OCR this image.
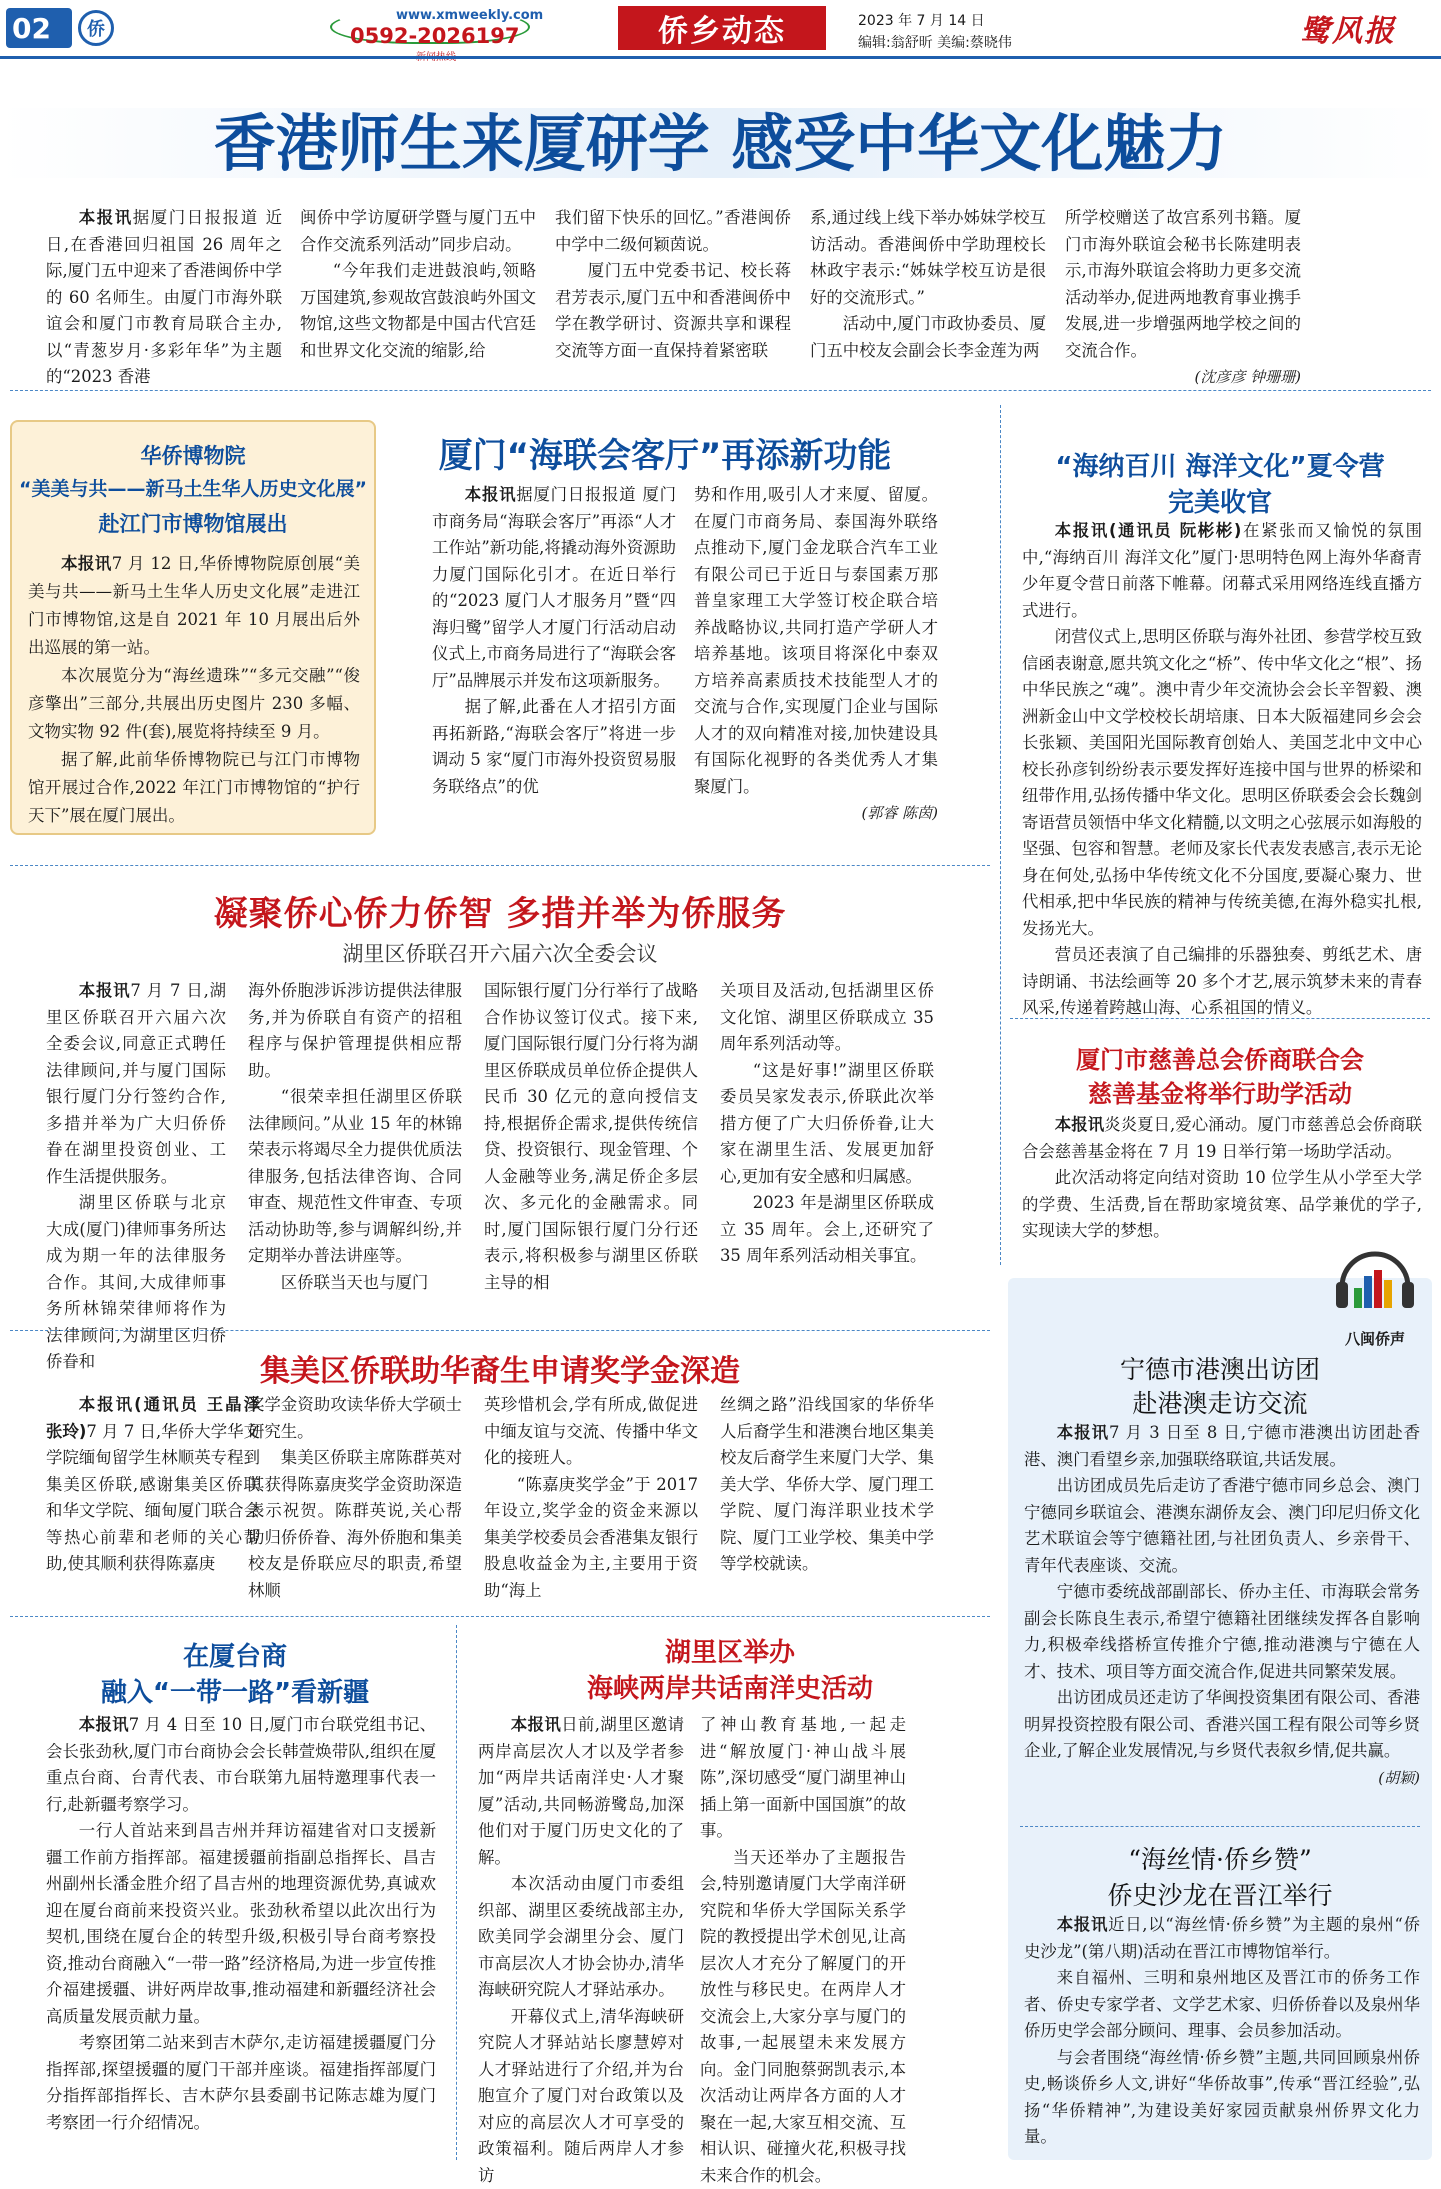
02 侨
www.xmweekly.com
0592-2026197	侨乡动态	2023 年 7 月 14 日
编辑:翁舒昕 美编:蔡晓伟	鹭风报
香港师生来厦研学 感受中华文化魅力

本报讯据厦门日报报道 近日,在香港回归祖国 26 周年之际,厦门五中迎来了香港闽侨中学的 60 名师生。由厦门市海外联谊会和厦门市教育局联合主办,以“青葱岁月·多彩年华”为主题的“2023 香港

闽侨中学访厦研学暨与厦门五中合作交流系列活动”同步启动。

“今年我们走进鼓浪屿,领略万国建筑,参观故宫鼓浪屿外国文物馆,这些文物都是中国古代宫廷和世界文化交流的缩影,给

我们留下快乐的回忆。”香港闽侨中学中二级何颖茵说。

厦门五中党委书记、校长蒋君芳表示,厦门五中和香港闽侨中学在教学研讨、资源共享和课程交流等方面一直保持着紧密联

系,通过线上线下举办姊妹学校互访活动。香港闽侨中学助理校长林政宇表示:“姊妹学校互访是很好的交流形式。”

活动中,厦门市政协委员、厦门五中校友会副会长李金莲为两

所学校赠送了故宫系列书籍。厦门市海外联谊会秘书长陈建明表示,市海外联谊会将助力更多交流活动举办,促进两地教育事业携手发展,进一步增强两地学校之间的交流合作。

(沈彦彦 钟珊珊)
华侨博物院
“美美与共——新马土生华人历史文化展”
赴江门市博物馆展出

本报讯7 月 12 日,华侨博物院原创展“美美与共——新马土生华人历史文化展”走进江门市博物馆,这是自 2021 年 10 月展出后外出巡展的第一站。

本次展览分为“海丝遗珠”“多元交融”“俊彦擎出”三部分,共展出历史图片 230 多幅、文物实物 92 件(套),展览将持续至 9 月。

据了解,此前华侨博物院已与江门市博物馆开展过合作,2022 年江门市博物馆的“护行天下”展在厦门展出。

厦门“海联会客厅”再添新功能

本报讯据厦门日报报道 厦门市商务局“海联会客厅”再添“人才工作站”新功能,将撬动海外资源助力厦门国际化引才。在近日举行的“2023 厦门人才服务月”暨“四海归鹭”留学人才厦门行活动启动仪式上,市商务局进行了“海联会客厅”品牌展示并发布这项新服务。

据了解,此番在人才招引方面再拓新路,“海联会客厅”将进一步调动 5 家“厦门市海外投资贸易服务联络点”的优

势和作用,吸引人才来厦、留厦。在厦门市商务局、泰国海外联络点推动下,厦门金龙联合汽车工业有限公司已于近日与泰国素万那普皇家理工大学签订校企联合培养战略协议,共同打造产学研人才培养基地。该项目将深化中泰双方培养高素质技术技能型人才的交流与合作,实现厦门企业与国际人才的双向精准对接,加快建设具有国际化视野的各类优秀人才集聚厦门。

(郭睿 陈茵)
“海纳百川 海洋文化”夏令营
完美收官

本报讯(通讯员 阮彬彬)在紧张而又愉悦的氛围中,“海纳百川 海洋文化”厦门·思明特色网上海外华裔青少年夏令营日前落下帷幕。闭幕式采用网络连线直播方式进行。

闭营仪式上,思明区侨联与海外社团、参营学校互致信函表谢意,愿共筑文化之“桥”、传中华文化之“根”、扬中华民族之“魂”。澳中青少年交流协会会长辛智毅、澳洲新金山中文学校校长胡培康、日本大阪福建同乡会会长张颖、美国阳光国际教育创始人、美国芝北中文中心校长孙彦钊纷纷表示要发挥好连接中国与世界的桥梁和纽带作用,弘扬传播中华文化。思明区侨联委会会长魏剑寄语营员领悟中华文化精髓,以文明之心弦展示如海般的坚强、包容和智慧。老师及家长代表发表感言,表示无论身在何处,弘扬中华传统文化不分国度,要凝心聚力、世代相承,把中华民族的精神与传统美德,在海外稳实扎根,发扬光大。

营员还表演了自己编排的乐器独奏、剪纸艺术、唐诗朗诵、书法绘画等 20 多个才艺,展示筑梦未来的青春风采,传递着跨越山海、心系祖国的情义。

凝聚侨心侨力侨智 多措并举为侨服务
湖里区侨联召开六届六次全委会议

本报讯7 月 7 日,湖里区侨联召开六届六次全委会议,同意正式聘任法律顾问,并与厦门国际银行厦门分行签约合作,多措并举为广大归侨侨眷在湖里投资创业、工作生活提供服务。

湖里区侨联与北京大成(厦门)律师事务所达成为期一年的法律服务合作。其间,大成律师事务所林锦荣律师将作为法律顾问,为湖里区归侨侨眷和

海外侨胞涉诉涉访提供法律服务,并为侨联自有资产的招租程序与保护管理提供相应帮助。

“很荣幸担任湖里区侨联法律顾问。”从业 15 年的林锦荣表示将竭尽全力提供优质法律服务,包括法律咨询、合同审查、规范性文件审查、专项活动协助等,参与调解纠纷,并定期举办普法讲座等。

区侨联当天也与厦门

国际银行厦门分行举行了战略合作协议签订仪式。接下来,厦门国际银行厦门分行将为湖里区侨联成员单位侨企提供人民币 30 亿元的意向授信支持,根据侨企需求,提供传统信贷、投资银行、现金管理、个人金融等业务,满足侨企多层次、多元化的金融需求。同时,厦门国际银行厦门分行还表示,将积极参与湖里区侨联主导的相

关项目及活动,包括湖里区侨文化馆、湖里区侨联成立 35 周年系列活动等。

“这是好事!”湖里区侨联委员吴家发表示,侨联此次举措方便了广大归侨侨眷,让大家在湖里生活、发展更加舒心,更加有安全感和归属感。

2023 年是湖里区侨联成立 35 周年。会上,还研究了 35 周年系列活动相关事宜。

厦门市慈善总会侨商联合会
慈善基金将举行助学活动

本报讯炎炎夏日,爱心涌动。厦门市慈善总会侨商联合会慈善基金将在 7 月 19 日举行第一场助学活动。

此次活动将定向结对资助 10 位学生从小学至大学的学费、生活费,旨在帮助家境贫寒、品学兼优的学子,实现读大学的梦想。

集美区侨联助华裔生申请奖学金深造

本报讯(通讯员 王晶泽 张玲)7 月 7 日,华侨大学华文学院缅甸留学生林顺英专程到集美区侨联,感谢集美区侨联和华文学院、缅甸厦门联合会等热心前辈和老师的关心帮助,使其顺利获得陈嘉庚

奖学金资助攻读华侨大学硕士研究生。

集美区侨联主席陈群英对其获得陈嘉庚奖学金资助深造表示祝贺。陈群英说,关心帮助归侨侨眷、海外侨胞和集美校友是侨联应尽的职责,希望林顺

英珍惜机会,学有所成,做促进中缅友谊与交流、传播中华文化的接班人。

“陈嘉庚奖学金”于 2017 年设立,奖学金的资金来源以集美学校委员会香港集友银行股息收益金为主,主要用于资助“海上

丝绸之路”沿线国家的华侨华人后裔学生和港澳台地区集美校友后裔学生来厦门大学、集美大学、华侨大学、厦门理工学院、厦门海洋职业技术学院、厦门工业学校、集美中学等学校就读。

八闽侨声
宁德市港澳出访团
赴港澳走访交流

本报讯7 月 3 日至 8 日,宁德市港澳出访团赴香港、澳门看望乡亲,加强联络联谊,共话发展。

出访团成员先后走访了香港宁德市同乡总会、澳门宁德同乡联谊会、港澳东湖侨友会、澳门印尼归侨文化艺术联谊会等宁德籍社团,与社团负责人、乡亲骨干、青年代表座谈、交流。

宁德市委统战部副部长、侨办主任、市海联会常务副会长陈良生表示,希望宁德籍社团继续发挥各自影响力,积极牵线搭桥宣传推介宁德,推动港澳与宁德在人才、技术、项目等方面交流合作,促进共同繁荣发展。

出访团成员还走访了华闽投资集团有限公司、香港明昇投资控股有限公司、香港兴国工程有限公司等乡贤企业,了解企业发展情况,与乡贤代表叙乡情,促共赢。

(胡颖)
“海丝情·侨乡赞”
侨史沙龙在晋江举行

本报讯近日,以“海丝情·侨乡赞”为主题的泉州“侨史沙龙”(第八期)活动在晋江市博物馆举行。

来自福州、三明和泉州地区及晋江市的侨务工作者、侨史专家学者、文学艺术家、归侨侨眷以及泉州华侨历史学会部分顾问、理事、会员参加活动。

与会者围绕“海丝情·侨乡赞”主题,共同回顾泉州侨史,畅谈侨乡人文,讲好“华侨故事”,传承“晋江经验”,弘扬“华侨精神”,为建设美好家园贡献泉州侨界文化力量。

在厦台商
融入“一带一路”看新疆

本报讯7 月 4 日至 10 日,厦门市台联党组书记、会长张劲秋,厦门市台商协会会长韩萱焕带队,组织在厦重点台商、台青代表、市台联第九届特邀理事代表一行,赴新疆考察学习。

一行人首站来到昌吉州并拜访福建省对口支援新疆工作前方指挥部。福建援疆前指副总指挥长、昌吉州副州长潘金胜介绍了昌吉州的地理资源优势,真诚欢迎在厦台商前来投资兴业。张劲秋希望以此次出行为契机,围绕在厦台企的转型升级,积极引导台商考察投资,推动台商融入“一带一路”经济格局,为进一步宣传推介福建援疆、讲好两岸故事,推动福建和新疆经济社会高质量发展贡献力量。

考察团第二站来到吉木萨尔,走访福建援疆厦门分指挥部,探望援疆的厦门干部并座谈。福建指挥部厦门分指挥部指挥长、吉木萨尔县委副书记陈志雄为厦门考察团一行介绍情况。

湖里区举办
海峡两岸共话南洋史活动

本报讯日前,湖里区邀请两岸高层次人才以及学者参加“两岸共话南洋史·人才聚厦”活动,共同畅游鹭岛,加深他们对于厦门历史文化的了解。

本次活动由厦门市委组织部、湖里区委统战部主办,欧美同学会湖里分会、厦门市高层次人才协会协办,清华海峡研究院人才驿站承办。

开幕仪式上,清华海峡研究院人才驿站站长廖慧婷对人才驿站进行了介绍,并为台胞宣介了厦门对台政策以及对应的高层次人才可享受的政策福利。随后两岸人才参访

了神山教育基地,一起走进“解放厦门·神山战斗展陈”,深切感受“厦门湖里神山插上第一面新中国国旗”的故事。

当天还举办了主题报告会,特别邀请厦门大学南洋研究院和华侨大学国际关系学院的教授提出学术创见,让高层次人才充分了解厦门的开放性与移民史。在两岸人才交流会上,大家分享与厦门的故事,一起展望未来发展方向。金门同胞蔡弼凯表示,本次活动让两岸各方面的人才聚在一起,大家互相交流、互相认识、碰撞火花,积极寻找未来合作的机会。
